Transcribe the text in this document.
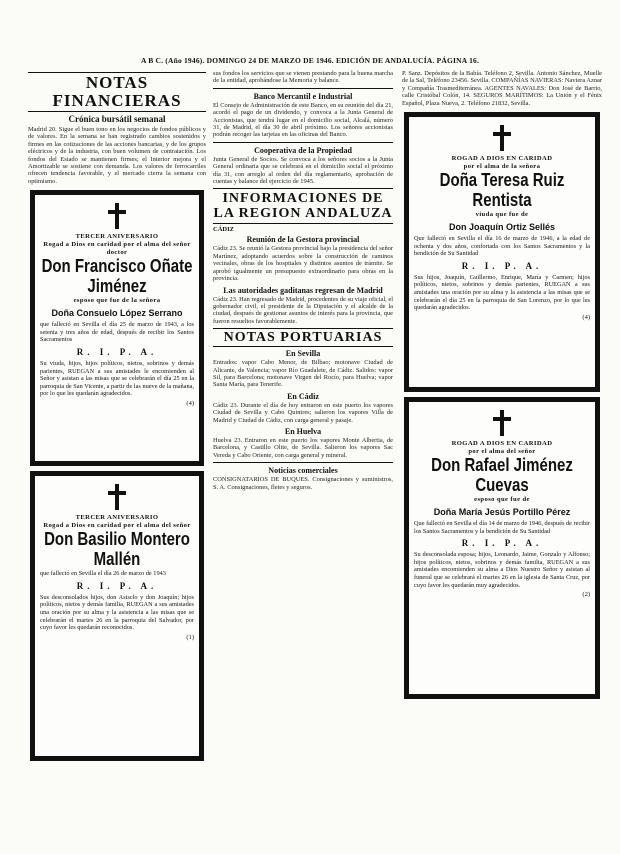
A B C. (Año 1946). DOMINGO 24 DE MARZO DE 1946. EDICIÓN DE ANDALUCÍA. PÁGINA 16.
NOTAS FINANCIERAS
Crónica bursátil semanal

Madrid 20. Sigue el buen tono en los negocios de fondos públicos y de valores. En la semana se han registrado cambios sostenidos y firmes en las cotizaciones de las acciones bancarias, y de los grupos eléctricos y de la industria, con buen volumen de contratación. Los fondos del Estado se mantienen firmes; el Interior mejora y el Amortizable se sostiene con demanda. Los valores de ferrocarriles ofrecen tendencia favorable, y el mercado cierra la semana con optimismo.

TERCER ANIVERSARIO
Rogad a Dios en caridad por el alma del señor doctor
Don Francisco Oñate Jiménez
esposo que fue de la señora
Doña Consuelo López Serrano
que falleció en Sevilla el día 25 de marzo de 1943, a los setenta y tres años de edad, después de recibir los Santos Sacramentos
R. I. P. A.
Su viuda, hijos, hijos políticos, nietos, sobrinos y demás parientes, RUEGAN a sus amistades le encomienden al Señor y asistan a las misas que se celebrarán el día 25 en la parroquia de San Vicente, a partir de las nueve de la mañana, por lo que les quedarán agradecidos.
(4)
TERCER ANIVERSARIO
Rogad a Dios en caridad por el alma del señor
Don Basilio Montero Mallén
que falleció en Sevilla el día 26 de marzo de 1943
R. I. P. A.
Sus desconsolados hijos, don Asisclo y don Joaquín; hijos políticos, nietos y demás familia, RUEGAN a sus amistades una oración por su alma y la asistencia a las misas que se celebrarán el martes 26 en la parroquia del Salvador, por cuyo favor les quedarán reconocidos.
(1)

sus fondos los servicios que se vienen prestando para la buena marcha de la entidad, aprobándose la Memoria y balance.

Banco Mercantil e Industrial

El Consejo de Administración de este Banco, en su reunión del día 21, acordó el pago de un dividendo, y convoca a la Junta General de Accionistas, que tendrá lugar en el domicilio social, Alcalá, número 31, de Madrid, el día 30 de abril próximo. Los señores accionistas podrán recoger las tarjetas en las oficinas del Banco.

Cooperativa de la Propiedad

Junta General de Socios. Se convoca a los señores socios a la Junta General ordinaria que se celebrará en el domicilio social el próximo día 31, con arreglo al orden del día reglamentario, aprobación de cuentas y balance del ejercicio de 1945.

INFORMACIONES DE LA REGION ANDALUZA
CÁDIZ
Reunión de la Gestora provincial

Cádiz 23. Se reunió la Gestora provincial bajo la presidencia del señor Martínez, adoptando acuerdos sobre la construcción de caminos vecinales, obras de los hospitales y distintos asuntos de trámite. Se aprobó igualmente un presupuesto extraordinario para obras en la provincia.

Las autoridades gaditanas regresan de Madrid

Cádiz 23. Han regresado de Madrid, procedentes de su viaje oficial, el gobernador civil, el presidente de la Diputación y el alcalde de la ciudad, después de gestionar asuntos de interés para la provincia, que fueron resueltos favorablemente.

NOTAS PORTUARIAS
En Sevilla

Entrados: vapor Cabo Menor, de Bilbao; motonave Ciudad de Alicante, de Valencia; vapor Río Guadalete, de Cádiz. Salidos: vapor Sil, para Barcelona; motonave Virgen del Rocío, para Huelva; vapor Santa María, para Tenerife.

En Cádiz

Cádiz 23. Durante el día de hoy entraron en este puerto los vapores Ciudad de Sevilla y Cabo Quintres; salieron los vapores Villa de Madrid y Ciudad de Cádiz, con carga general y pasaje.

En Huelva

Huelva 23. Entraron en este puerto los vapores Monte Albertia, de Barcelona, y Castillo Olite, de Sevilla. Salieron los vapores Sac Vereda y Cabo Oriente, con carga general y mineral.

Noticias comerciales

CONSIGNATARIOS DE BUQUES. Consignaciones y suministros, S. A. Consignaciones, fletes y seguros.

P. Sanz. Depósitos de la Bahía. Teléfono 2, Sevilla. Antonio Sánchez, Muelle de la Sal, Teléfono 23456. Sevilla. COMPAÑÍAS NAVIERAS: Naviera Aznar y Compañía Trasmediterránea. AGENTES NAVALES: Don José de Barrio, calle Cristóbal Colón, 14. SEGUROS MARÍTIMOS: La Unión y el Fénix Español, Plaza Nueva, 2. Teléfono 21832, Sevilla.

ROGAD A DIOS EN CARIDAD
por el alma de la señora
Doña Teresa Ruiz Rentista
viuda que fue de
Don Joaquín Ortiz Sellés
Que falleció en Sevilla el día 16 de marzo de 1946, a la edad de ochenta y dos años, confortada con los Santos Sacramentos y la bendición de Su Santidad
R. I. P. A.
Sus hijos, Joaquín, Guillermo, Enrique, María y Carmen; hijos políticos, nietos, sobrinos y demás parientes, RUEGAN a sus amistades una oración por su alma y la asistencia a las misas que se celebrarán el día 25 en la parroquia de San Lorenzo, por lo que les quedarán agradecidos.
(4)
ROGAD A DIOS EN CARIDAD
por el alma del señor
Don Rafael Jiménez Cuevas
esposo que fue de
Doña María Jesús Portillo Pérez
Que falleció en Sevilla el día 14 de marzo de 1946, después de recibir los Santos Sacramentos y la bendición de Su Santidad
R. I. P. A.
Su desconsolada esposa; hijos, Leonardo, Jaime, Gonzalo y Alfonso; hijos políticos, nietos, sobrinos y demás familia, RUEGAN a sus amistades encomienden su alma a Dios Nuestro Señor y asistan al funeral que se celebrará el martes 26 en la iglesia de Santa Cruz, por cuyo favor les quedarán muy agradecidos.
(2)
